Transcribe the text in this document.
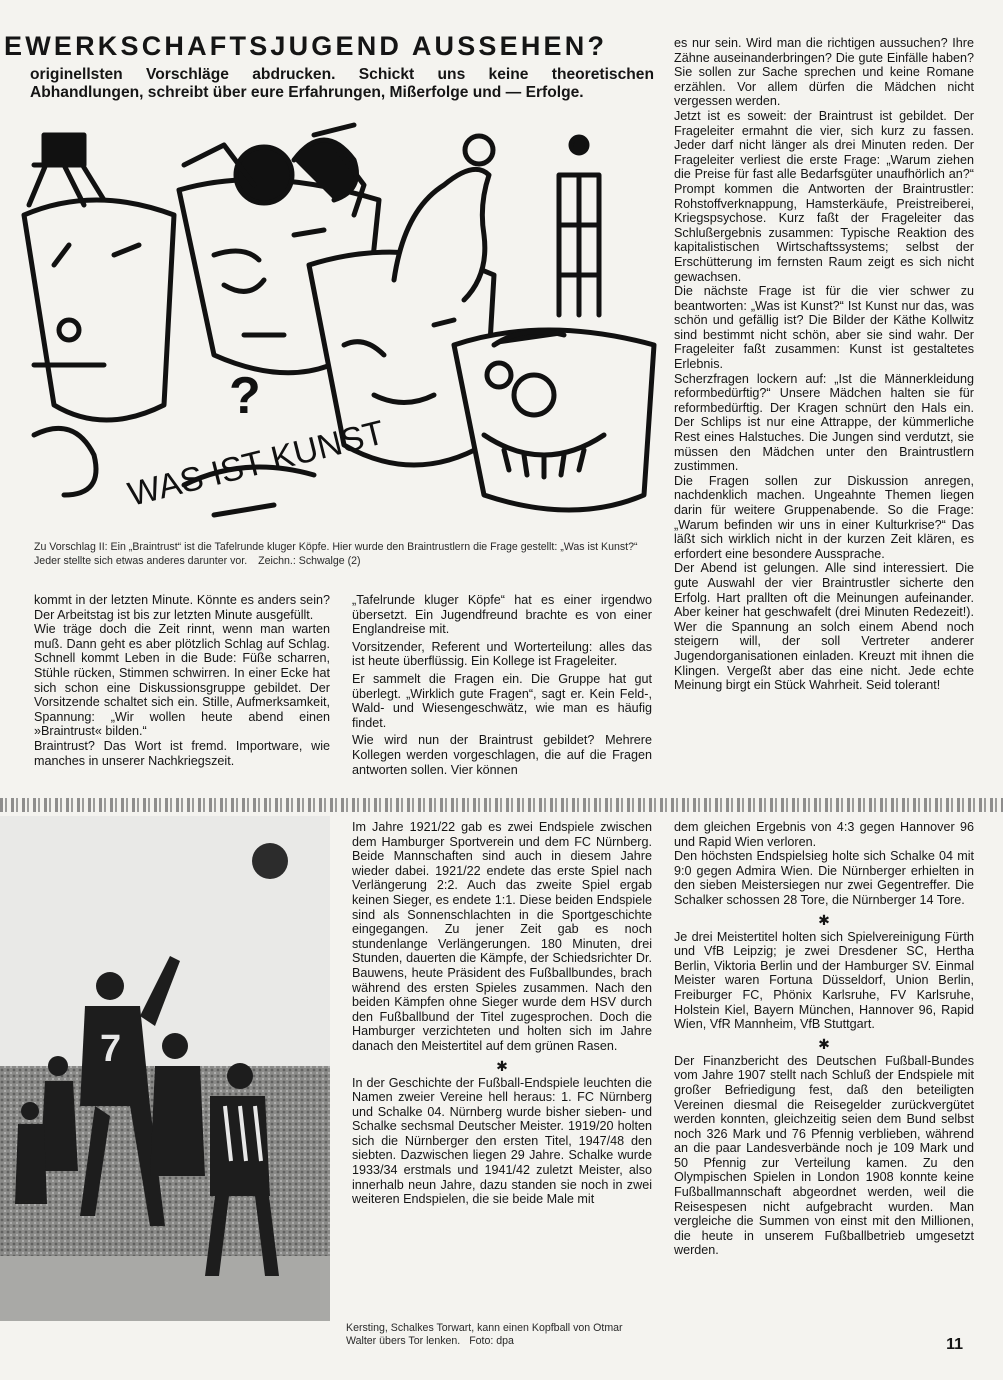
EWERKSCHAFTSJUGEND AUSSEHEN?

originellsten Vorschläge abdrucken. Schickt uns keine theoretischen Abhandlungen, schreibt über eure Erfahrungen, Mißerfolge und — Erfolge.

?
WAS IST KUNST
Zu Vorschlag II: Ein „Braintrust“ ist die Tafelrunde kluger Köpfe. Hier wurde den Braintrustlern die Frage gestellt: „Was ist Kunst?“ Jeder stellte sich etwas anderes darunter vor. Zeichn.: Schwalge (2)

kommt in der letzten Minute. Könnte es anders sein? Der Arbeitstag ist bis zur letzten Minute ausgefüllt.

Wie träge doch die Zeit rinnt, wenn man warten muß. Dann geht es aber plötzlich Schlag auf Schlag. Schnell kommt Leben in die Bude: Füße scharren, Stühle rücken, Stimmen schwirren. In einer Ecke hat sich schon eine Diskussionsgruppe gebildet. Der Vorsitzende schaltet sich ein. Stille, Aufmerksamkeit, Spannung: „Wir wollen heute abend einen »Braintrust« bilden.“

Braintrust? Das Wort ist fremd. Importware, wie manches in unserer Nachkriegszeit.

„Tafelrunde kluger Köpfe“ hat es einer irgendwo übersetzt. Ein Jugendfreund brachte es von einer Englandreise mit.

Vorsitzender, Referent und Worterteilung: alles das ist heute überflüssig. Ein Kollege ist Frageleiter.

Er sammelt die Fragen ein. Die Gruppe hat gut überlegt. „Wirklich gute Fragen“, sagt er. Kein Feld-, Wald- und Wiesengeschwätz, wie man es häufig findet.

Wie wird nun der Braintrust gebildet? Mehrere Kollegen werden vorgeschlagen, die auf die Fragen antworten sollen. Vier können

es nur sein. Wird man die richtigen aussuchen? Ihre Zähne auseinanderbringen? Die gute Einfälle haben? Sie sollen zur Sache sprechen und keine Romane erzählen. Vor allem dürfen die Mädchen nicht vergessen werden.

Jetzt ist es soweit: der Braintrust ist gebildet. Der Frageleiter ermahnt die vier, sich kurz zu fassen. Jeder darf nicht länger als drei Minuten reden. Der Frageleiter verliest die erste Frage: „Warum ziehen die Preise für fast alle Bedarfsgüter unaufhörlich an?“ Prompt kommen die Antworten der Braintrustler: Rohstoffverknappung, Hamsterkäufe, Preistreiberei, Kriegspsychose. Kurz faßt der Frageleiter das Schlußergebnis zusammen: Typische Reaktion des kapitalistischen Wirtschaftssystems; selbst der Erschütterung im fernsten Raum zeigt es sich nicht gewachsen.

Die nächste Frage ist für die vier schwer zu beantworten: „Was ist Kunst?“ Ist Kunst nur das, was schön und gefällig ist? Die Bilder der Käthe Kollwitz sind bestimmt nicht schön, aber sie sind wahr. Der Frageleiter faßt zusammen: Kunst ist gestaltetes Erlebnis.

Scherzfragen lockern auf: „Ist die Männerkleidung reformbedürftig?“ Unsere Mädchen halten sie für reformbedürftig. Der Kragen schnürt den Hals ein. Der Schlips ist nur eine Attrappe, der kümmerliche Rest eines Halstuches. Die Jungen sind verdutzt, sie müssen den Mädchen unter den Braintrustlern zustimmen.

Die Fragen sollen zur Diskussion anregen, nachdenklich machen. Ungeahnte Themen liegen darin für weitere Gruppenabende. So die Frage: „Warum befinden wir uns in einer Kulturkrise?“ Das läßt sich wirklich nicht in der kurzen Zeit klären, es erfordert eine besondere Aussprache.

Der Abend ist gelungen. Alle sind interessiert. Die gute Auswahl der vier Braintrustler sicherte den Erfolg. Hart prallten oft die Meinungen aufeinander. Aber keiner hat geschwafelt (drei Minuten Redezeit!). Wer die Spannung an solch einem Abend noch steigern will, der soll Vertreter anderer Jugendorganisationen einladen. Kreuzt mit ihnen die Klingen. Vergeßt aber das eine nicht. Jede echte Meinung birgt ein Stück Wahrheit. Seid tolerant!

7
Kersting, Schalkes Torwart, kann einen Kopfball von Otmar Walter übers Tor lenken. Foto: dpa

Im Jahre 1921/22 gab es zwei Endspiele zwischen dem Hamburger Sportverein und dem FC Nürnberg. Beide Mannschaften sind auch in diesem Jahre wieder dabei. 1921/22 endete das erste Spiel nach Verlängerung 2:2. Auch das zweite Spiel ergab keinen Sieger, es endete 1:1. Diese beiden Endspiele sind als Sonnenschlachten in die Sportgeschichte eingegangen. Zu jener Zeit gab es noch stundenlange Verlängerungen. 180 Minuten, drei Stunden, dauerten die Kämpfe, der Schiedsrichter Dr. Bauwens, heute Präsident des Fußballbundes, brach während des ersten Spieles zusammen. Nach den beiden Kämpfen ohne Sieger wurde dem HSV durch den Fußballbund der Titel zugesprochen. Doch die Hamburger verzichteten und holten sich im Jahre danach den Meistertitel auf dem grünen Rasen.

✱

In der Geschichte der Fußball-Endspiele leuchten die Namen zweier Vereine hell heraus: 1. FC Nürnberg und Schalke 04. Nürnberg wurde bisher sieben- und Schalke sechsmal Deutscher Meister. 1919/20 holten sich die Nürnberger den ersten Titel, 1947/48 den siebten. Dazwischen liegen 29 Jahre. Schalke wurde 1933/34 erstmals und 1941/42 zuletzt Meister, also innerhalb neun Jahre, dazu standen sie noch in zwei weiteren Endspielen, die sie beide Male mit

dem gleichen Ergebnis von 4:3 gegen Hannover 96 und Rapid Wien verloren.

Den höchsten Endspielsieg holte sich Schalke 04 mit 9:0 gegen Admira Wien. Die Nürnberger erhielten in den sieben Meistersiegen nur zwei Gegentreffer. Die Schalker schossen 28 Tore, die Nürnberger 14 Tore.

✱

Je drei Meistertitel holten sich Spielvereinigung Fürth und VfB Leipzig; je zwei Dresdener SC, Hertha Berlin, Viktoria Berlin und der Hamburger SV. Einmal Meister waren Fortuna Düsseldorf, Union Berlin, Freiburger FC, Phönix Karlsruhe, FV Karlsruhe, Holstein Kiel, Bayern München, Hannover 96, Rapid Wien, VfR Mannheim, VfB Stuttgart.

✱

Der Finanzbericht des Deutschen Fußball-Bundes vom Jahre 1907 stellt nach Schluß der Endspiele mit großer Befriedigung fest, daß den beteiligten Vereinen diesmal die Reisegelder zurückvergütet werden konnten, gleichzeitig seien dem Bund selbst noch 326 Mark und 76 Pfennig verblieben, während an die paar Landesverbände noch je 109 Mark und 50 Pfennig zur Verteilung kamen. Zu den Olympischen Spielen in London 1908 konnte keine Fußballmannschaft abgeordnet werden, weil die Reisespesen nicht aufgebracht wurden. Man vergleiche die Summen von einst mit den Millionen, die heute in unserem Fußballbetrieb umgesetzt werden.

11
